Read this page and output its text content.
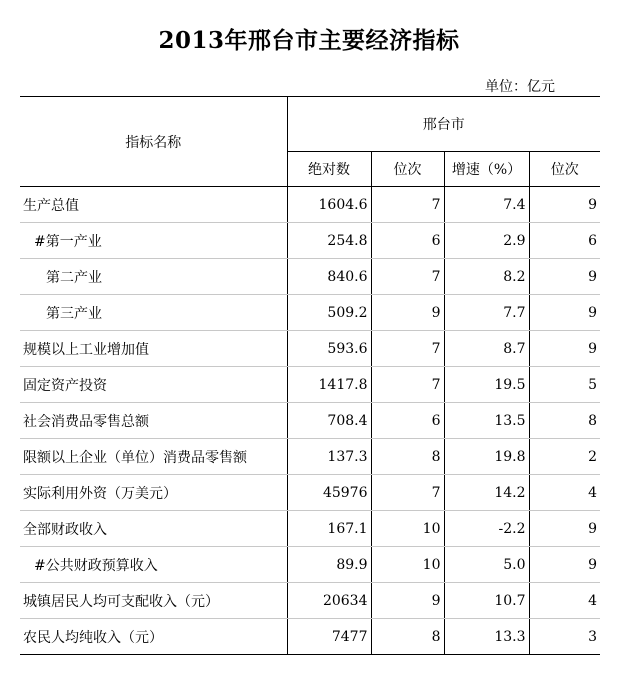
2013年邢台市主要经济指标
单位：亿元
指标名称	邢台市			
	绝对数	位次	增速（%）	位次
生产总值	1604.6	7	7.4	9
#第一产业	254.8	6	2.9	6
第二产业	840.6	7	8.2	9
第三产业	509.2	9	7.7	9
规模以上工业增加值	593.6	7	8.7	9
固定资产投资	1417.8	7	19.5	5
社会消费品零售总额	708.4	6	13.5	8
限额以上企业（单位）消费品零售额	137.3	8	19.8	2
实际利用外资（万美元）	45976	7	14.2	4
全部财政收入	167.1	10	-2.2	9
#公共财政预算收入	89.9	10	5.0	9
城镇居民人均可支配收入（元）	20634	9	10.7	4
农民人均纯收入（元）	7477	8	13.3	3
